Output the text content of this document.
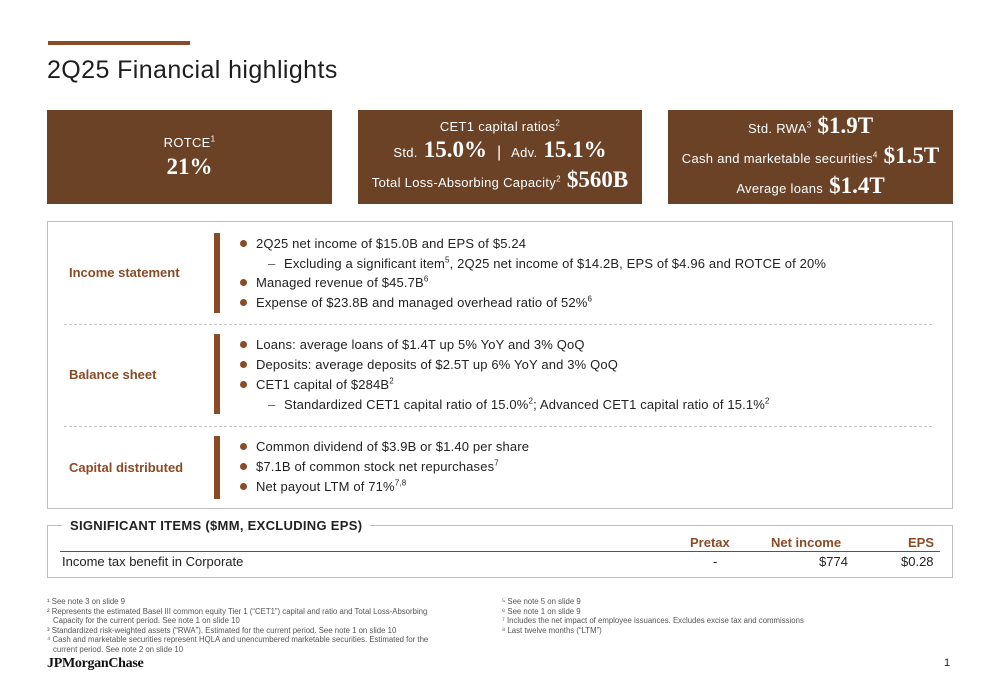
2Q25 Financial highlights
ROTCE$^1$
21%
CET1 capital ratios$^2$
Std. 15.0% | Adv. 15.1%
Total Loss-Absorbing Capacity$^2$ $560B
Std. RWA$^3$ $1.9T
Cash and marketable securities$^4$ $1.5T
Average loans $1.4T
Income statement
2Q25 net income of $15.0B and EPS of $5.24
– Excluding a significant item$^5$, 2Q25 net income of $14.2B, EPS of $4.96 and ROTCE of 20%
Managed revenue of $\$45.7B^6$
Expense of $23.8B and managed overhead ratio of 52%$^6$
Balance sheet
Loans: average loans of $1.4T up 5% YoY and 3% QoQ
Deposits: average deposits of $2.5T up 6% YoY and 3% QoQ
CET1 capital of $\$284B^2$
– Standardized CET1 capital ratio of 15.0%$^2$; Advanced CET1 capital ratio of 15.1%$^2$
Capital distributed
Common dividend of $3.9B or $1.40 per share
$7.1B of common stock net repurchases$^7$
Net payout LTM of 71%$^{7,8}$
SIGNIFICANT ITEMS ($MM, EXCLUDING EPS)
Pretax	Net income	EPS
Income tax benefit in Corporate	-	$774	$0.28
¹ See note 3 on slide 9
² Represents the estimated Basel III common equity Tier 1 (“CET1”) capital and ratio and Total Loss-Absorbing
Capacity for the current period. See note 1 on slide 10
³ Standardized risk-weighted assets (“RWA”). Estimated for the current period. See note 1 on slide 10
⁴ Cash and marketable securities represent HQLA and unencumbered marketable securities. Estimated for the
current period. See note 2 on slide 10
⁵ See note 5 on slide 9
⁶ See note 1 on slide 9
⁷ Includes the net impact of employee issuances. Excludes excise tax and commissions
⁸ Last twelve months (“LTM”)
JPMorganChase	1
